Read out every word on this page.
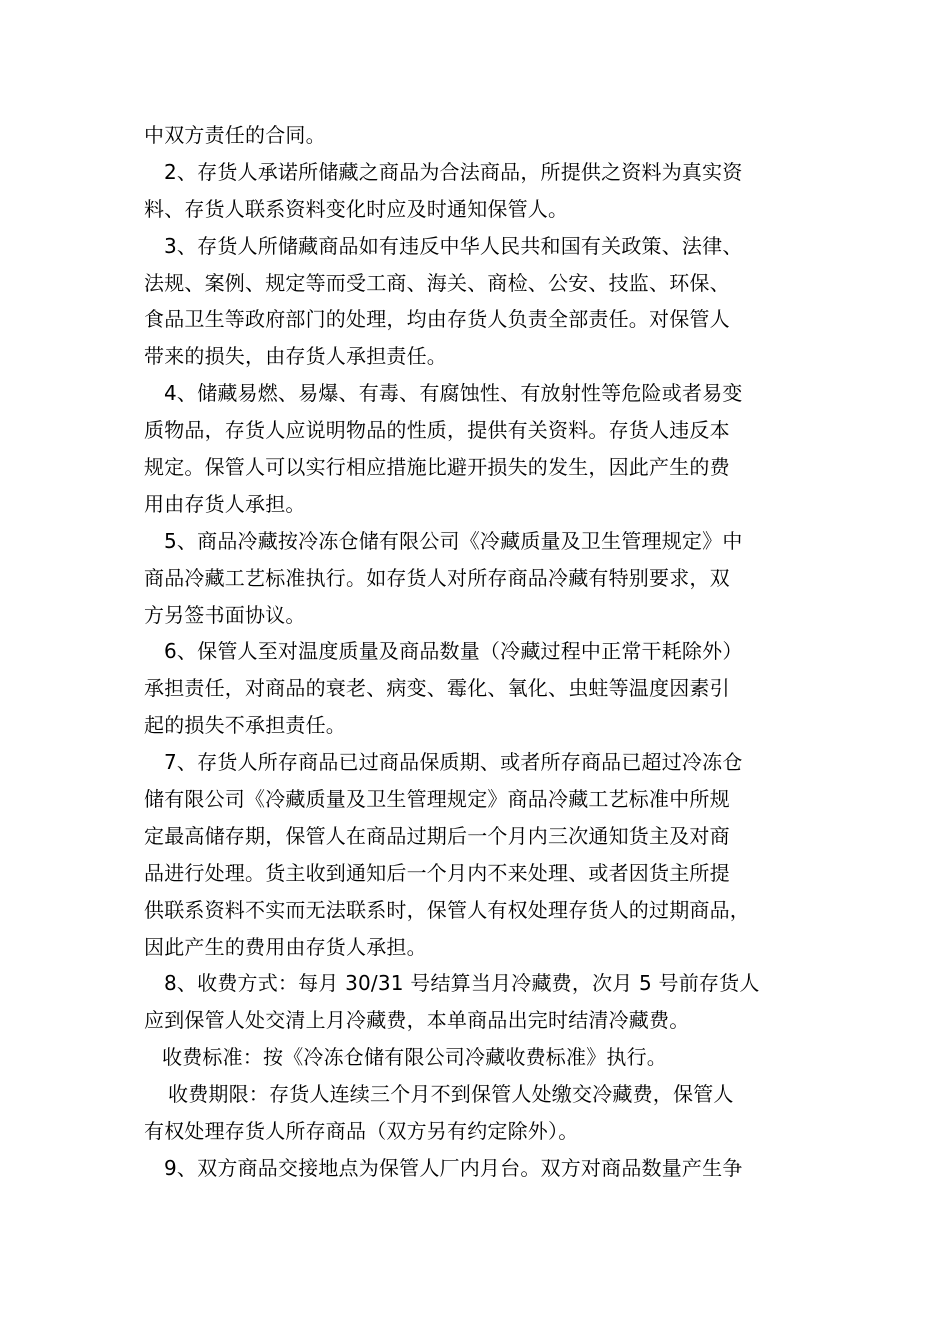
中双方责任的合同。
2、存货人承诺所储藏之商品为合法商品，所提供之资料为真实资
料、存货人联系资料变化时应及时通知保管人。
3、存货人所储藏商品如有违反中华人民共和国有关政策、法律、
法规、案例、规定等而受工商、海关、商检、公安、技监、环保、
食品卫生等政府部门的处理，均由存货人负责全部责任。对保管人
带来的损失，由存货人承担责任。
4、储藏易燃、易爆、有毒、有腐蚀性、有放射性等危险或者易变
质物品，存货人应说明物品的性质，提供有关资料。存货人违反本
规定。保管人可以实行相应措施比避开损失的发生，因此产生的费
用由存货人承担。
5、商品冷藏按冷冻仓储有限公司《冷藏质量及卫生管理规定》中
商品冷藏工艺标准执行。如存货人对所存商品冷藏有特别要求，双
方另签书面协议。
6、保管人至对温度质量及商品数量（冷藏过程中正常干耗除外）
承担责任，对商品的衰老、病变、霉化、氧化、虫蛀等温度因素引
起的损失不承担责任。
7、存货人所存商品已过商品保质期、或者所存商品已超过冷冻仓
储有限公司《冷藏质量及卫生管理规定》商品冷藏工艺标准中所规
定最高储存期，保管人在商品过期后一个月内三次通知货主及对商
品进行处理。货主收到通知后一个月内不来处理、或者因货主所提
供联系资料不实而无法联系时，保管人有权处理存货人的过期商品，
因此产生的费用由存货人承担。
8、收费方式：每月 30/31 号结算当月冷藏费，次月 5 号前存货人
应到保管人处交清上月冷藏费，本单商品出完时结清冷藏费。
收费标准：按《冷冻仓储有限公司冷藏收费标准》执行。
收费期限：存货人连续三个月不到保管人处缴交冷藏费，保管人
有权处理存货人所存商品（双方另有约定除外）。
9、双方商品交接地点为保管人厂内月台。双方对商品数量产生争
